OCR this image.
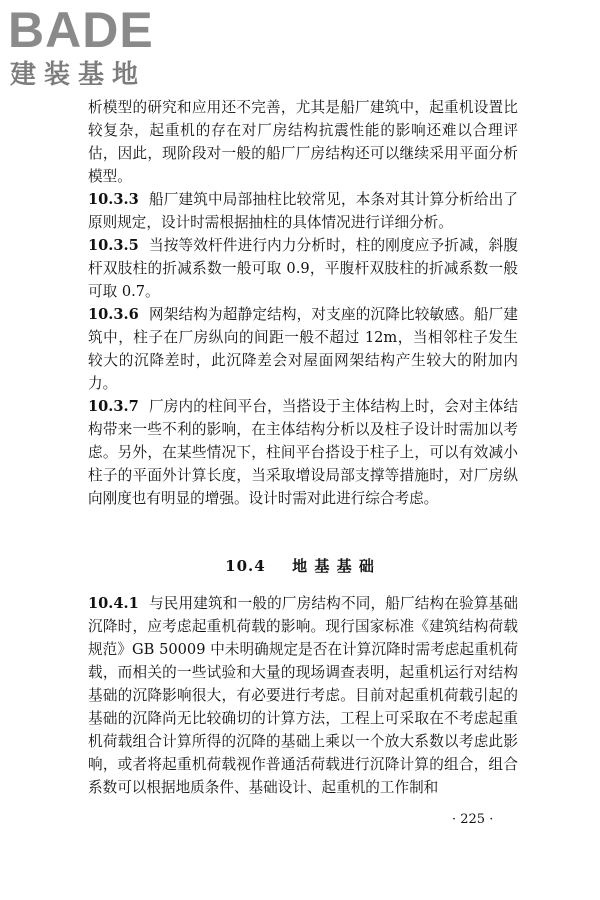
BADE
建装基地

析模型的研究和应用还不完善，尤其是船厂建筑中，起重机设置比较复杂，起重机的存在对厂房结构抗震性能的影响还难以合理评估，因此，现阶段对一般的船厂厂房结构还可以继续采用平面分析模型。

10.3.3 船厂建筑中局部抽柱比较常见，本条对其计算分析给出了原则规定，设计时需根据抽柱的具体情况进行详细分析。

10.3.5 当按等效杆件进行内力分析时，柱的刚度应予折减，斜腹杆双肢柱的折减系数一般可取 0.9，平腹杆双肢柱的折减系数一般可取 0.7。

10.3.6 网架结构为超静定结构，对支座的沉降比较敏感。船厂建筑中，柱子在厂房纵向的间距一般不超过 12m，当相邻柱子发生较大的沉降差时，此沉降差会对屋面网架结构产生较大的附加内力。

10.3.7 厂房内的柱间平台，当搭设于主体结构上时，会对主体结构带来一些不利的影响，在主体结构分析以及柱子设计时需加以考虑。另外，在某些情况下，柱间平台搭设于柱子上，可以有效减小柱子的平面外计算长度，当采取增设局部支撑等措施时，对厂房纵向刚度也有明显的增强。设计时需对此进行综合考虑。

10.4 地 基 基 础

10.4.1 与民用建筑和一般的厂房结构不同，船厂结构在验算基础沉降时，应考虑起重机荷载的影响。现行国家标准《建筑结构荷载规范》GB 50009 中未明确规定是否在计算沉降时需考虑起重机荷载，而相关的一些试验和大量的现场调查表明，起重机运行对结构基础的沉降影响很大，有必要进行考虑。目前对起重机荷载引起的基础的沉降尚无比较确切的计算方法，工程上可采取在不考虑起重机荷载组合计算所得的沉降的基础上乘以一个放大系数以考虑此影响，或者将起重机荷载视作普通活荷载进行沉降计算的组合，组合系数可以根据地质条件、基础设计、起重机的工作制和

· 225 ·
